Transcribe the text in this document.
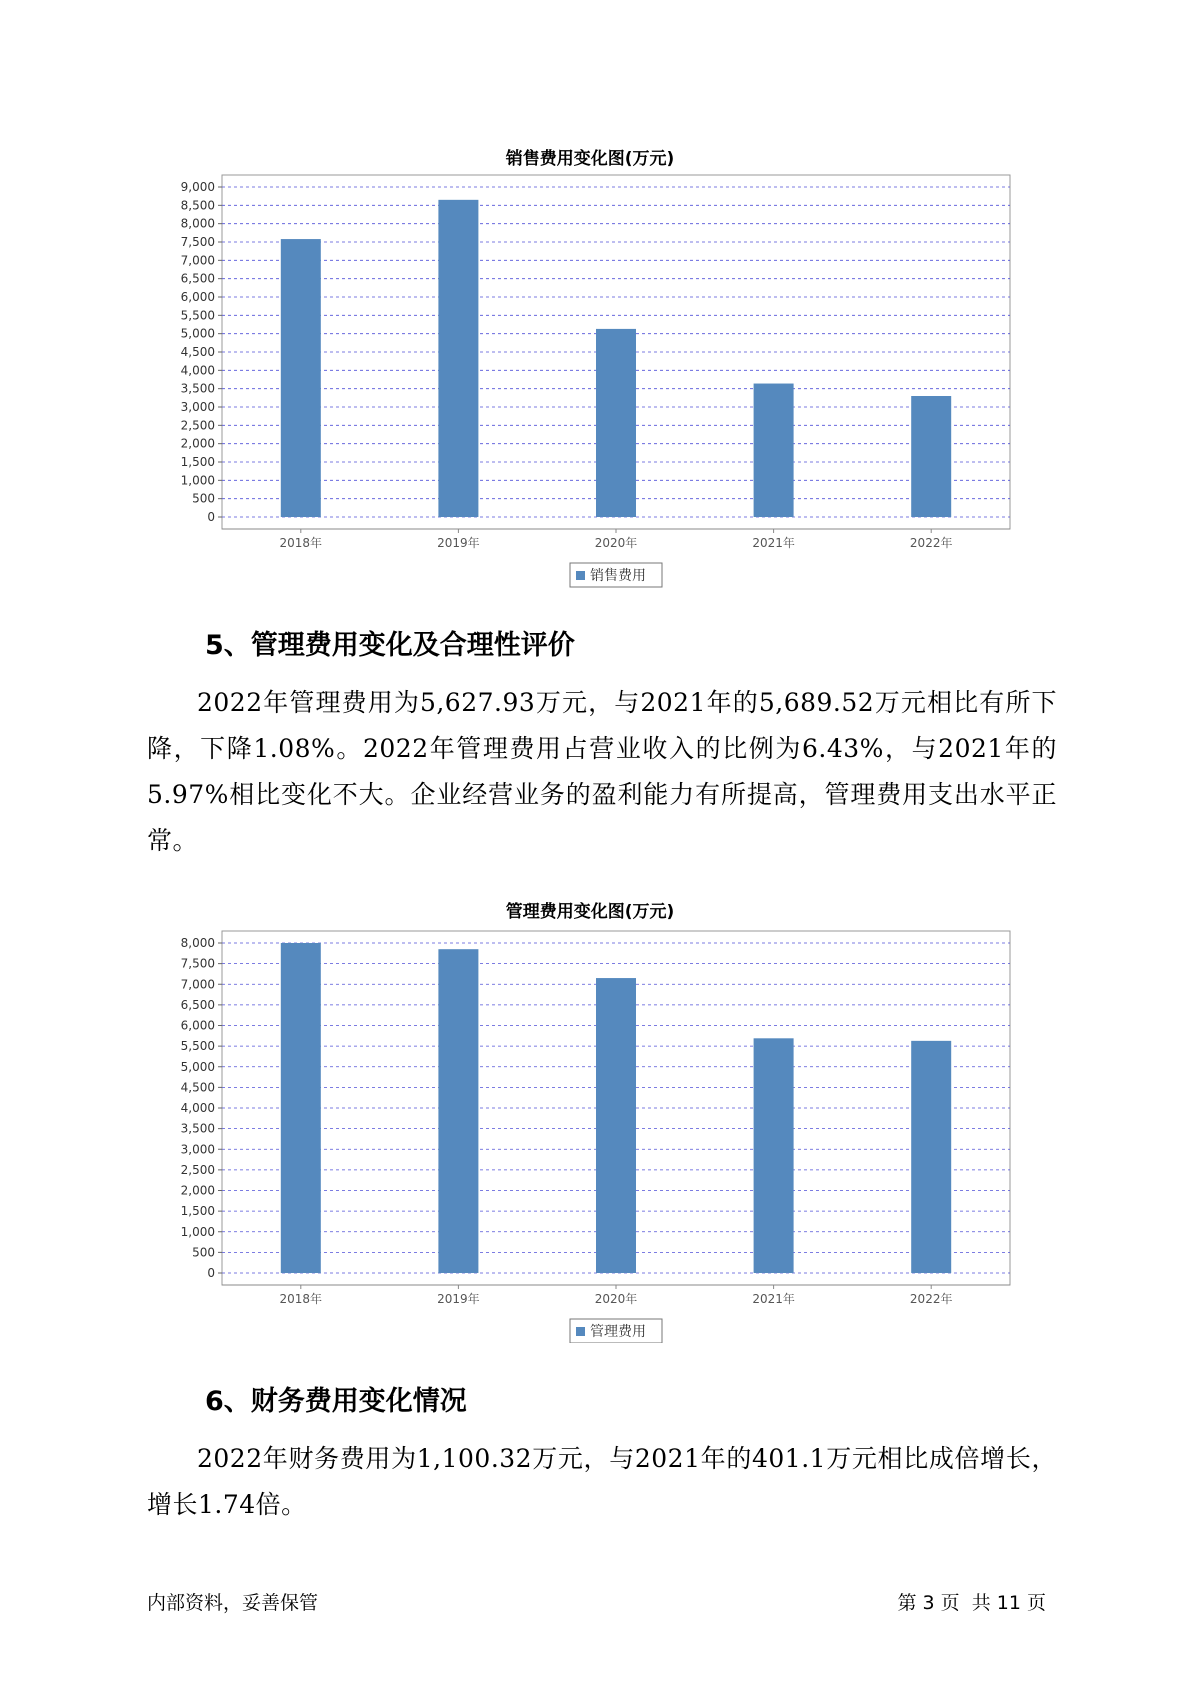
销售费用变化图(万元)
0
500
1,000
1,500
2,000
2,500
3,000
3,500
4,000
4,500
5,000
5,500
6,000
6,500
7,000
7,500
8,000
8,500
9,000
2018年	2019年	2020年	2021年	2022年
销售费用
5、管理费用变化及合理性评价
2022年管理费用为5,627.93万元，与2021年的5,689.52万元相比有所下降，下降1.08%。2022年管理费用占营业收入的比例为6.43%，与2021年的5.97%相比变化不大。企业经营业务的盈利能力有所提高，管理费用支出水平正常。
管理费用变化图(万元)
0
500
1,000
1,500
2,000
2,500
3,000
3,500
4,000
4,500
5,000
5,500
6,000
6,500
7,000
7,500
8,000
2018年	2019年	2020年	2021年	2022年
管理费用
6、财务费用变化情况
2022年财务费用为1,100.32万元，与2021年的401.1万元相比成倍增长，增长1.74倍。
内部资料，妥善保管	第 3 页  共 11 页
